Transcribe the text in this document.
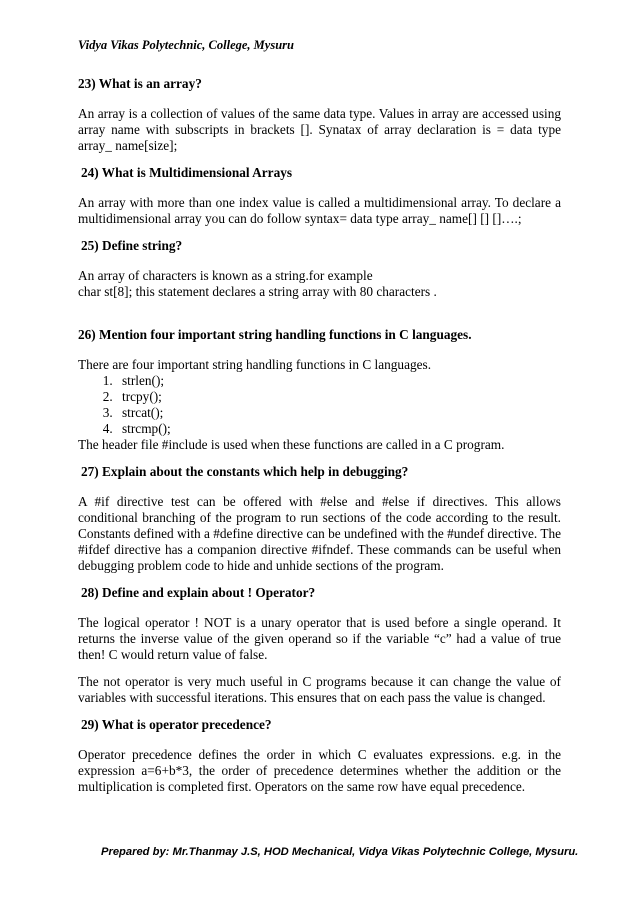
Vidya Vikas Polytechnic, College, Mysuru
23) What is an array?

An array is a collection of values of the same data type. Values in array are accessed using array name with subscripts in brackets []. Synatax of array declaration is = data type array_ name[size];

24) What is Multidimensional Arrays

An array with more than one index value is called a multidimensional array. To declare a multidimensional array you can do follow syntax= data type array_ name[] [] []….;

25) Define string?
An array of characters is known as a string.for example
char st[8]; this statement declares a string array with 80 characters .
26) Mention four important string handling functions in C languages.
There are four important string handling functions in C languages.
1. strlen();
2. trcpy();
3. strcat();
4. strcmp();
The header file #include is used when these functions are called in a C program.
27) Explain about the constants which help in debugging?

A #if directive test can be offered with #else and #else if directives. This allows conditional branching of the program to run sections of the code according to the result. Constants defined with a #define directive can be undefined with the #undef directive. The #ifdef directive has a companion directive #ifndef. These commands can be useful when debugging problem code to hide and unhide sections of the program.

28) Define and explain about ! Operator?

The logical operator ! NOT is a unary operator that is used before a single operand. It returns the inverse value of the given operand so if the variable “c” had a value of true then! C would return value of false.

The not operator is very much useful in C programs because it can change the value of variables with successful iterations. This ensures that on each pass the value is changed.

29) What is operator precedence?

Operator precedence defines the order in which C evaluates expressions. e.g. in the expression a=6+b*3, the order of precedence determines whether the addition or the multiplication is completed first. Operators on the same row have equal precedence.

Prepared by: Mr.Thanmay J.S, HOD Mechanical, Vidya Vikas Polytechnic College, Mysuru.
